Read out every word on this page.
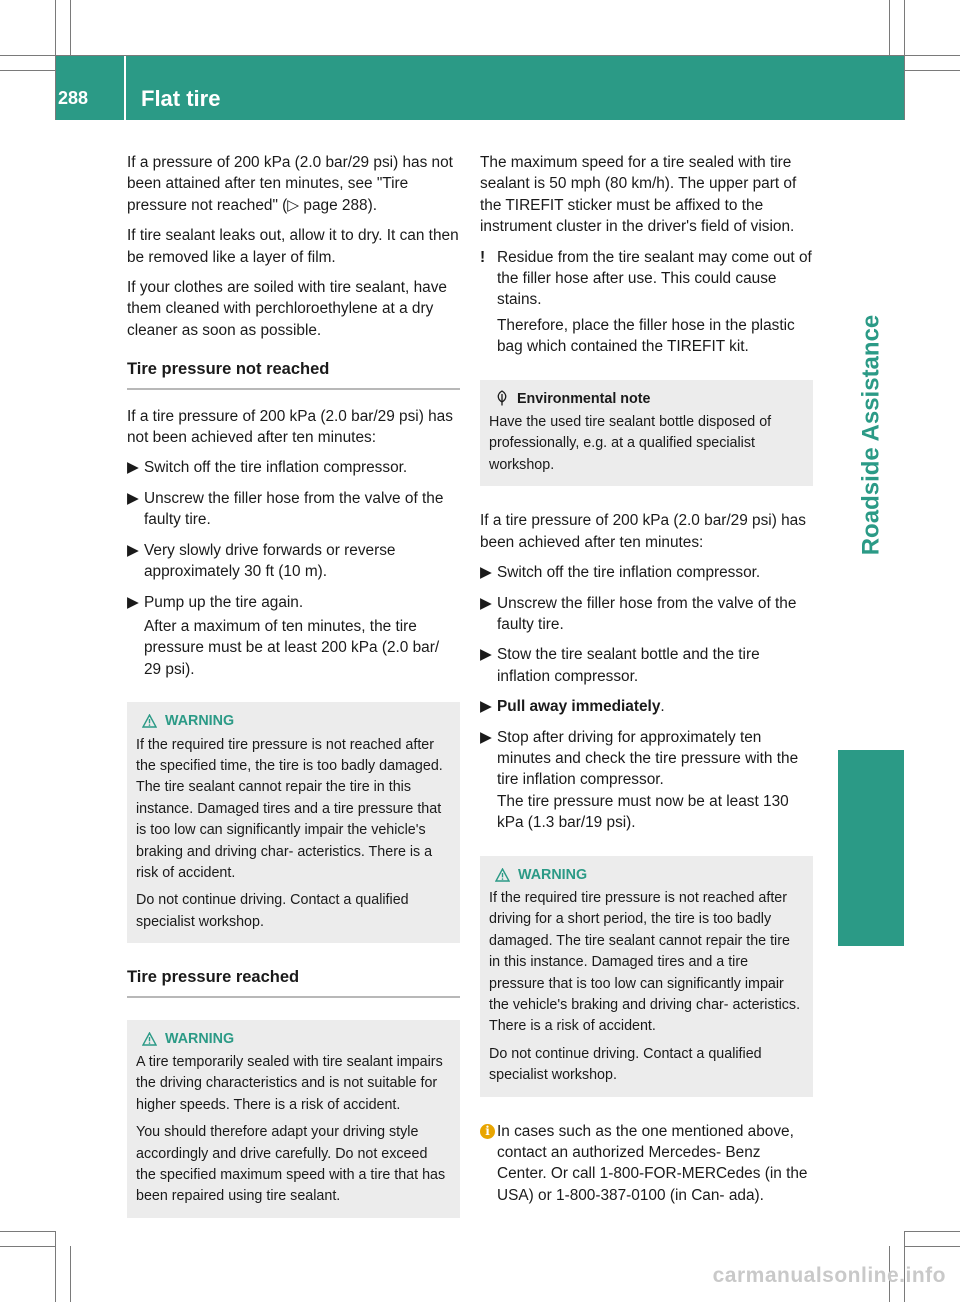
288	Flat tire
Roadside Assistance

If a pressure of 200 kPa (2.0 bar/29 psi) has not been attained after ten minutes, see "Tire pressure not reached" (▷ page 288).

If tire sealant leaks out, allow it to dry. It can then be removed like a layer of film.

If your clothes are soiled with tire sealant, have them cleaned with perchloroethylene at a dry cleaner as soon as possible.

Tire pressure not reached

If a tire pressure of 200 kPa (2.0 bar/29 psi) has not been achieved after ten minutes:

▶ Switch off the tire inflation compressor.
▶ Unscrew the filler hose from the valve of the faulty tire.
▶ Very slowly drive forwards or reverse approximately 30 ft (10 m).
▶ Pump up the tire again.
After a maximum of ten minutes, the tire pressure must be at least 200 kPa (2.0 bar/ 29 psi).
WARNING

If the required tire pressure is not reached after the specified time, the tire is too badly damaged. The tire sealant cannot repair the tire in this instance. Damaged tires and a tire pressure that is too low can significantly impair the vehicle's braking and driving char- acteristics. There is a risk of accident.

Do not continue driving. Contact a qualified specialist workshop.

Tire pressure reached
WARNING

A tire temporarily sealed with tire sealant impairs the driving characteristics and is not suitable for higher speeds. There is a risk of accident.

You should therefore adapt your driving style accordingly and drive carefully. Do not exceed the specified maximum speed with a tire that has been repaired using tire sealant.

The maximum speed for a tire sealed with tire sealant is 50 mph (80 km/h). The upper part of the TIREFIT sticker must be affixed to the instrument cluster in the driver's field of vision.

! Residue from the tire sealant may come out of the filler hose after use. This could cause stains.

Therefore, place the filler hose in the plastic bag which contained the TIREFIT kit.

Environmental note

Have the used tire sealant bottle disposed of professionally, e.g. at a qualified specialist workshop.

If a tire pressure of 200 kPa (2.0 bar/29 psi) has been achieved after ten minutes:

▶ Switch off the tire inflation compressor.
▶ Unscrew the filler hose from the valve of the faulty tire.
▶ Stow the tire sealant bottle and the tire inflation compressor.
▶ Pull away immediately.
▶ Stop after driving for approximately ten minutes and check the tire pressure with the tire inflation compressor.
The tire pressure must now be at least 130 kPa (1.3 bar/19 psi).
WARNING

If the required tire pressure is not reached after driving for a short period, the tire is too badly damaged. The tire sealant cannot repair the tire in this instance. Damaged tires and a tire pressure that is too low can significantly impair the vehicle's braking and driving char- acteristics. There is a risk of accident.

Do not continue driving. Contact a qualified specialist workshop.

i In cases such as the one mentioned above, contact an authorized Mercedes- Benz Center. Or call 1-800-FOR-MERCedes (in the USA) or 1-800-387-0100 (in Can- ada).

carmanualsonline.info
